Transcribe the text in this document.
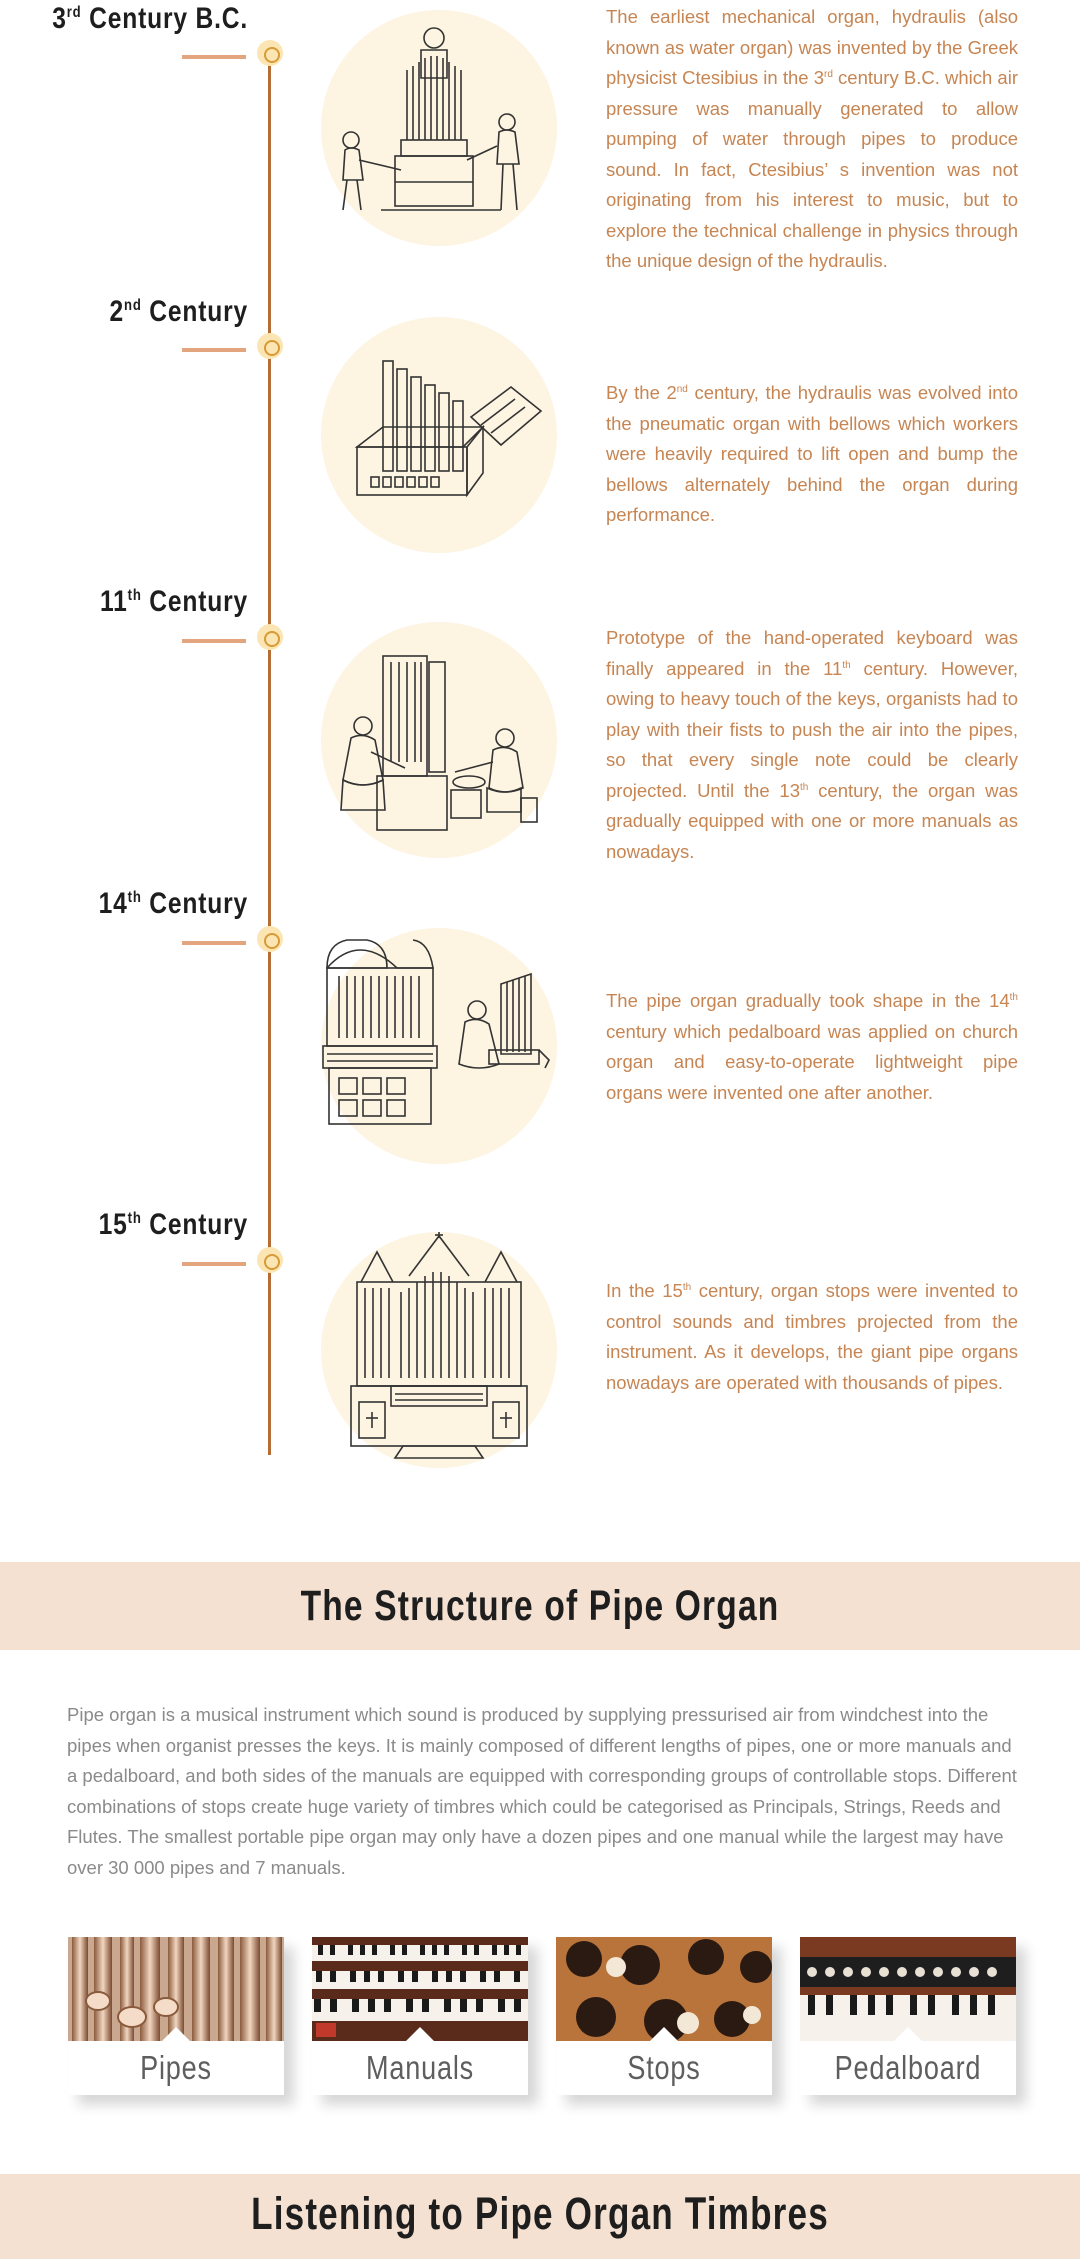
3rd Century B.C.	The earliest mechanical organ, hydraulis (also known as water organ) was invented by the Greek physicist Ctesibius in the 3rd century B.C. which air pressure was manually generated to allow pumping of water through pipes to produce sound. In fact, Ctesibius’ s invention was not originating from his interest to music, but to explore the technical challenge in physics through the unique design of the hydraulis.
2nd Century
By the 2nd century, the hydraulis was evolved into the pneumatic organ with bellows which workers were heavily required to lift open and bump the bellows alternately behind the organ during performance.
11th Century
Prototype of the hand-operated keyboard was finally appeared in the 11th century. However, owing to heavy touch of the keys, organists had to play with their fists to push the air into the pipes, so that every single note could be clearly projected. Until the 13th century, the organ was gradually equipped with one or more manuals as nowadays.
14th Century
The pipe organ gradually took shape in the 14th century which pedalboard was applied on church organ and easy-to-operate lightweight pipe organs were invented one after another.
15th Century
In the 15th century, organ stops were invented to control sounds and timbres projected from the instrument. As it develops, the giant pipe organs nowadays are operated with thousands of pipes.
The Structure of Pipe Organ

Pipe organ is a musical instrument which sound is produced by supplying pressurised air from windchest into the pipes when organist presses the keys. It is mainly composed of different lengths of pipes, one or more manuals and a pedalboard, and both sides of the manuals are equipped with corresponding groups of controllable stops. Different combinations of stops create huge variety of timbres which could be categorised as Principals, Strings, Reeds and Flutes. The smallest portable pipe organ may only have a dozen pipes and one manual while the largest may have over 30 000 pipes and 7 manuals.

Pipes	Manuals	Stops	Pedalboard
Listening to Pipe Organ Timbres
